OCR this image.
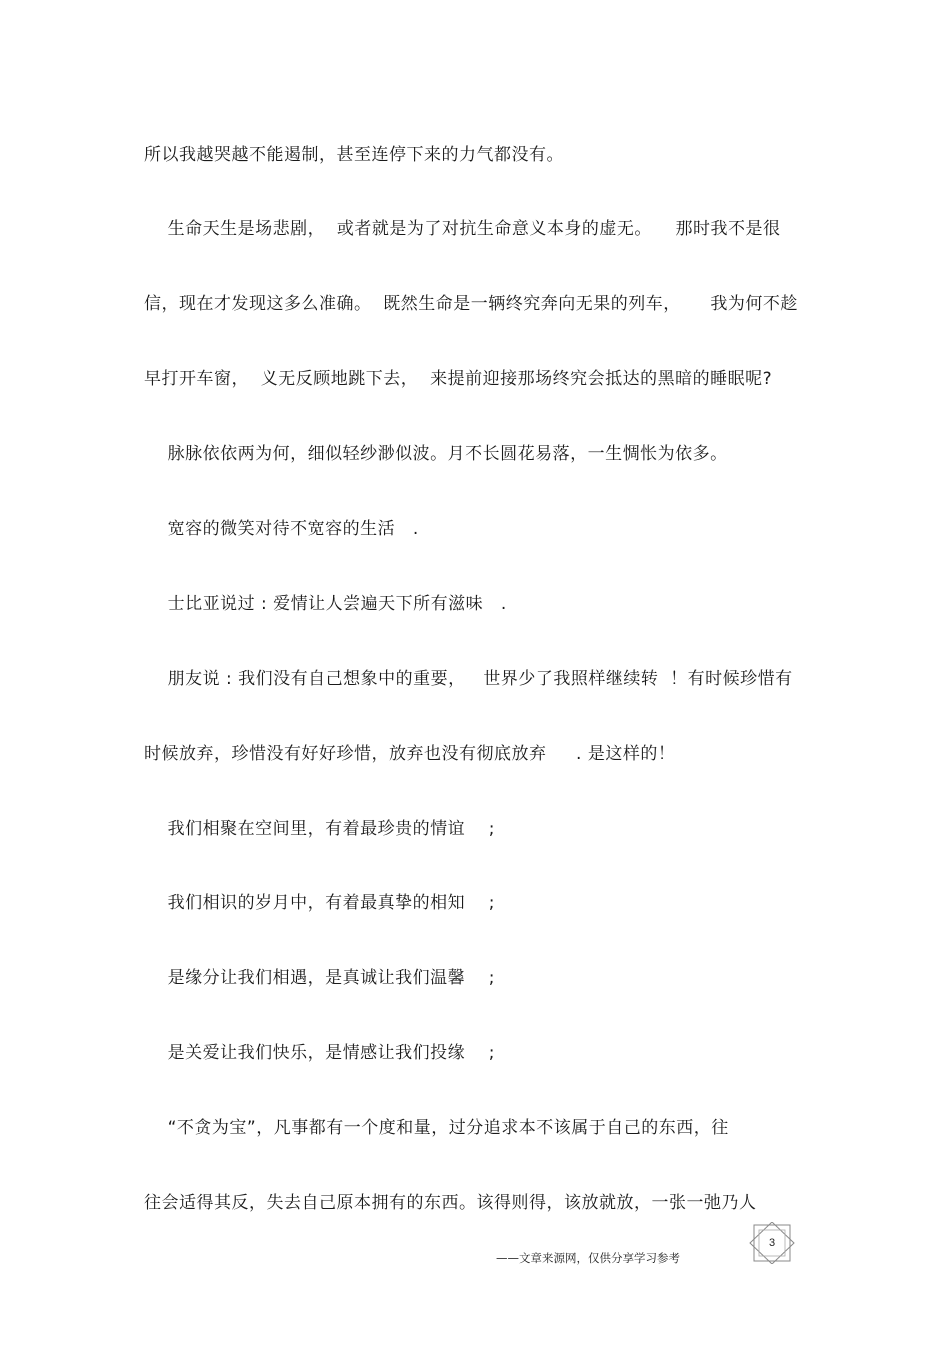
所以我越哭越不能遏制，甚至连停下来的力气都没有。
生命天生是场悲剧，  或者就是为了对抗生命意义本身的虚无。    那时我不是很
信，现在才发现这多么准确。  既然生命是一辆终究奔向无果的列车，     我为何不趁
早打开车窗，  义无反顾地跳下去，  来提前迎接那场终究会抵达的黑暗的睡眠呢?
脉脉依依两为何，细似轻纱渺似波。月不长圆花易落，一生惆怅为依多。
宽容的微笑对待不宽容的生活   .
士比亚说过 : 爱情让人尝遍天下所有滋味   .
朋友说 : 我们没有自己想象中的重要，   世界少了我照样继续转  ！有时候珍惜有
时候放弃，珍惜没有好好珍惜，放弃也没有彻底放弃     . 是这样的！
我们相聚在空间里，有着最珍贵的情谊    ;
我们相识的岁月中，有着最真挚的相知    ;
是缘分让我们相遇，是真诚让我们温馨    ;
是关爱让我们快乐，是情感让我们投缘    ;
“不贪为宝”，凡事都有一个度和量，过分追求本不该属于自己的东西，往
往会适得其反，失去自己原本拥有的东西。该得则得，该放就放，一张一弛乃人
——文章来源网，仅供分享学习参考
3
